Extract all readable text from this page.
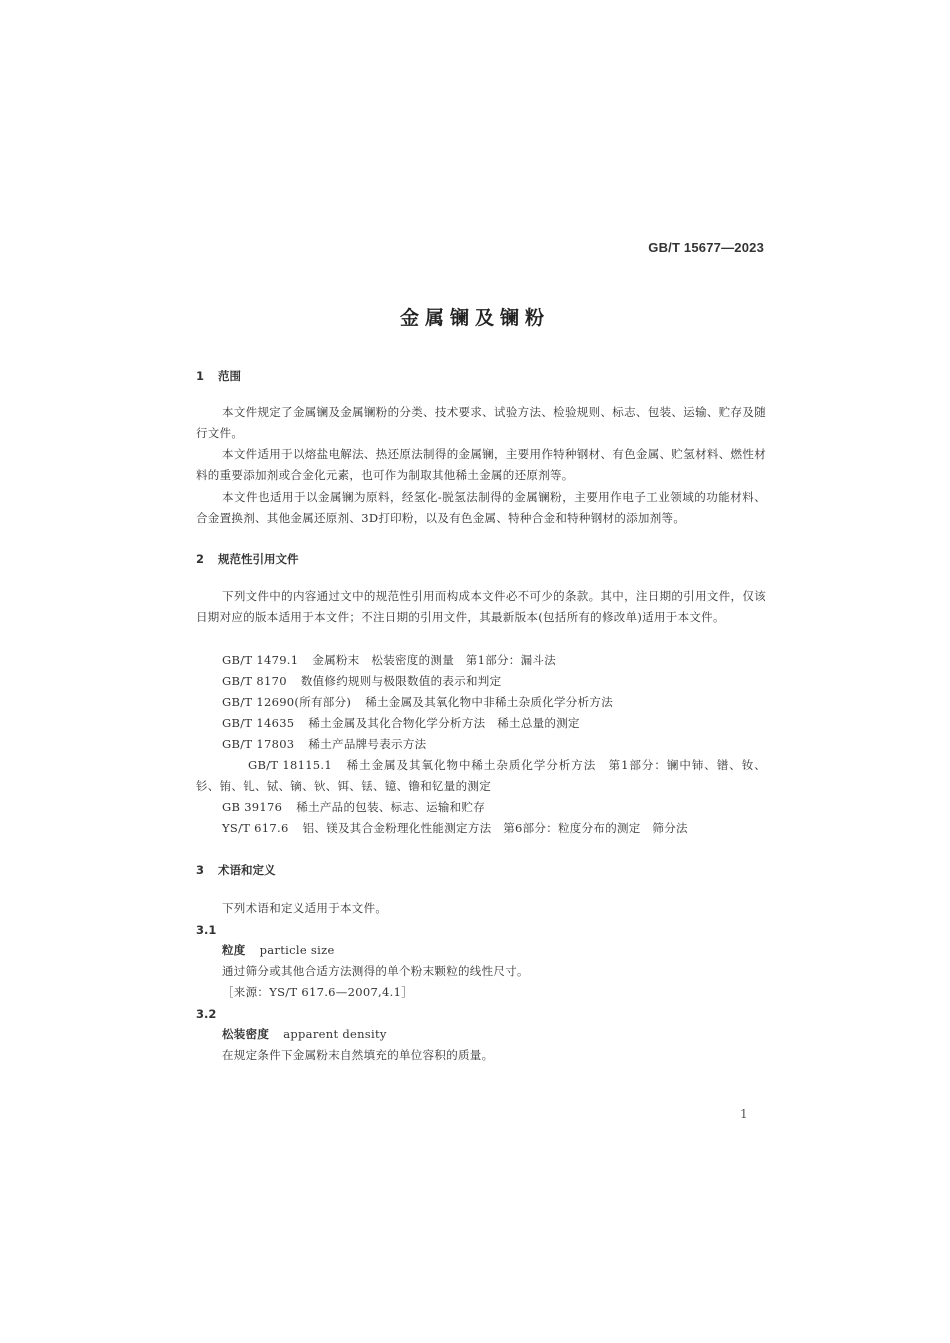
GB/T 15677—2023
金属镧及镧粉
1 范围
本文件规定了金属镧及金属镧粉的分类、技术要求、试验方法、检验规则、标志、包装、运输、贮存及随行文件。
本文件适用于以熔盐电解法、热还原法制得的金属镧，主要用作特种钢材、有色金属、贮氢材料、燃性材料的重要添加剂或合金化元素，也可作为制取其他稀土金属的还原剂等。
本文件也适用于以金属镧为原料，经氢化-脱氢法制得的金属镧粉，主要用作电子工业领域的功能材料、合金置换剂、其他金属还原剂、3D打印粉，以及有色金属、特种合金和特种钢材的添加剂等。
2 规范性引用文件
下列文件中的内容通过文中的规范性引用而构成本文件必不可少的条款。其中，注日期的引用文件，仅该日期对应的版本适用于本文件；不注日期的引用文件，其最新版本(包括所有的修改单)适用于本文件。
GB/T 1479.1 金属粉末　松装密度的测量　第1部分：漏斗法
GB/T 8170 数值修约规则与极限数值的表示和判定
GB/T 12690(所有部分) 稀土金属及其氧化物中非稀土杂质化学分析方法
GB/T 14635 稀土金属及其化合物化学分析方法　稀土总量的测定
GB/T 17803 稀土产品牌号表示方法
GB/T 18115.1 稀土金属及其氧化物中稀土杂质化学分析方法　第1部分：镧中铈、镨、钕、钐、铕、钆、铽、镝、钬、铒、铥、镱、镥和钇量的测定
GB 39176 稀土产品的包装、标志、运输和贮存
YS/T 617.6 铝、镁及其合金粉理化性能测定方法　第6部分：粒度分布的测定　筛分法
3 术语和定义
下列术语和定义适用于本文件。
3.1
粒度 particle size
通过筛分或其他合适方法测得的单个粉末颗粒的线性尺寸。
［来源：YS/T 617.6—2007,4.1］
3.2
松装密度 apparent density
在规定条件下金属粉末自然填充的单位容积的质量。
1
